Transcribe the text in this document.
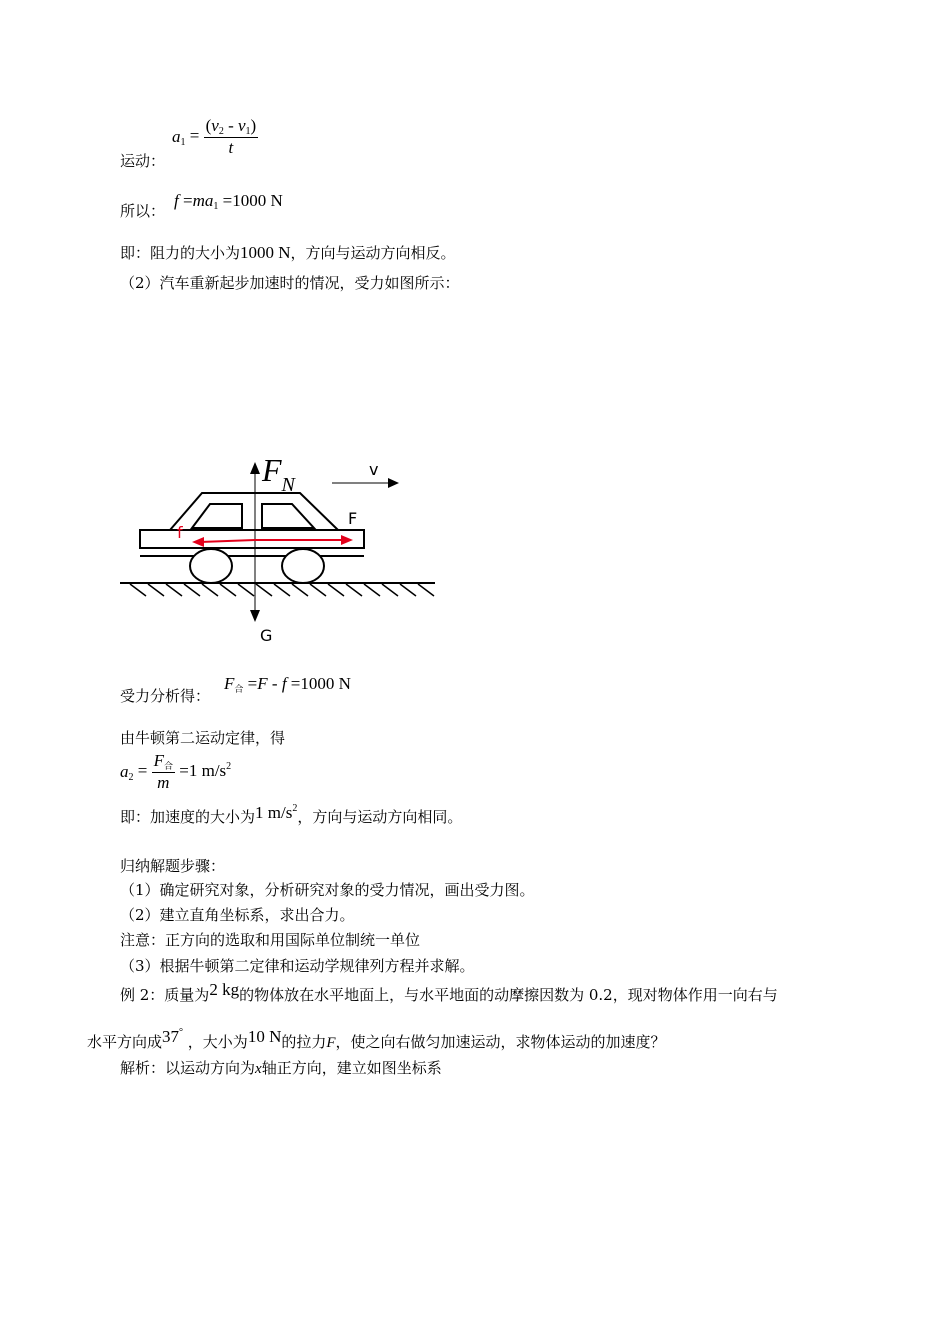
运动：
$a_1 = \frac{(v_2 - v_1)}{t}$
所以：
$f =ma_1 =1000$ N
即：阻力的大小为1000 N，方向与运动方向相反。
（2）汽车重新起步加速时的情况，受力如图所示：
FN
v
F
f
G
受力分析得：
$F_合 =F - f =1000$ N
由牛顿第二运动定律，得
$a_2 = \frac{F_合}{m} =1$ $m/s^2$
即：加速度的大小为1 $m/s^2$，方向与运动方向相同。
归纳解题步骤：
（1）确定研究对象，分析研究对象的受力情况，画出受力图。
（2）建立直角坐标系，求出合力。
注意：正方向的选取和用国际单位制统一单位
（3）根据牛顿第二定律和运动学规律列方程并求解。
例 2：质量为2 kg的物体放在水平地面上，与水平地面的动摩擦因数为 0.2，现对物体作用一向右与
水平方向成37° ，大小为10 N的拉力F，使之向右做匀加速运动，求物体运动的加速度？
解析：以运动方向为x轴正方向，建立如图坐标系
